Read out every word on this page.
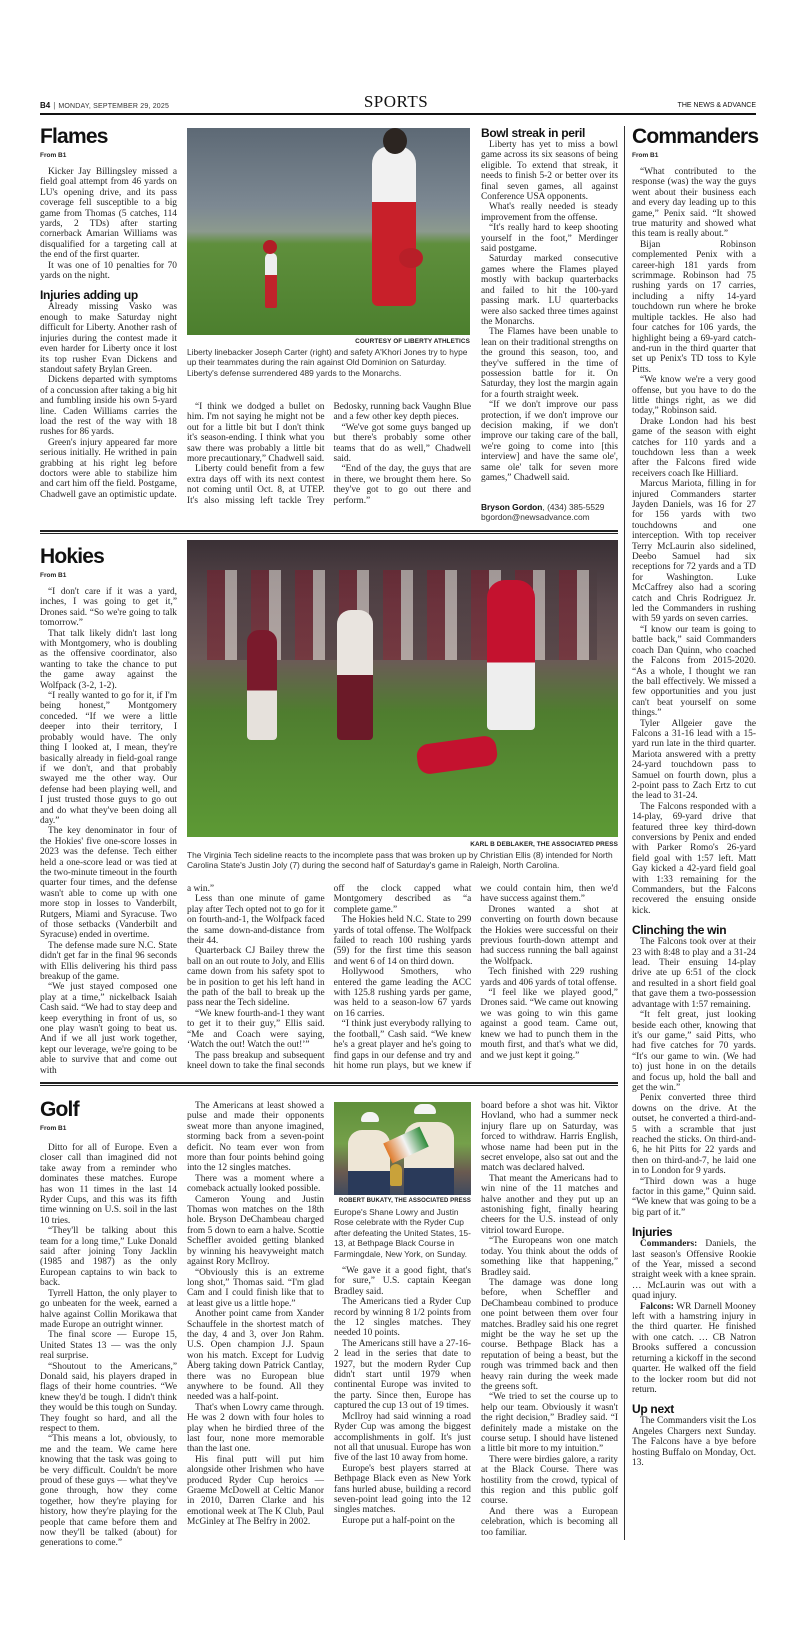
B4 | MONDAY, SEPTEMBER 29, 2025	SPORTS	THE NEWS & ADVANCE
Flames
From B1

Kicker Jay Billingsley missed a field goal attempt from 46 yards on LU's opening drive, and its pass coverage fell susceptible to a big game from Thomas (5 catches, 114 yards, 2 TDs) after starting cornerback Amarian Williams was disqualified for a targeting call at the end of the first quarter.

It was one of 10 penalties for 70 yards on the night.

Injuries adding up

Already missing Vasko was enough to make Saturday night difficult for Liberty. Another rash of injuries during the contest made it even harder for Liberty once it lost its top rusher Evan Dickens and standout safety Brylan Green.

Dickens departed with symptoms of a concussion after taking a big hit and fumbling inside his own 5-yard line. Caden Williams carries the load the rest of the way with 18 rushes for 86 yards.

Green's injury appeared far more serious initially. He writhed in pain grabbing at his right leg before doctors were able to stabilize him and cart him off the field. Postgame, Chadwell gave an optimistic update.

COURTESY OF LIBERTY ATHLETICS
Liberty linebacker Joseph Carter (right) and safety A'Khori Jones try to hype up their teammates during the rain against Old Dominion on Saturday. Liberty's defense surrendered 489 yards to the Monarchs.

“I think we dodged a bullet on him. I'm not saying he might not be out for a little bit but I don't think it's season-ending. I think what you saw there was probably a little bit more precautionary,” Chadwell said.

Liberty could benefit from a few extra days off with its next contest not coming until Oct. 8, at UTEP. It's also missing left tackle Trey Bedosky, running back Vaughn Blue and a few other key depth pieces.

“We've got some guys banged up but there's probably some other teams that do as well,” Chadwell said.

“End of the day, the guys that are in there, we brought them here. So they've got to go out there and perform.”

Bowl streak in peril

Liberty has yet to miss a bowl game across its six seasons of being eligible. To extend that streak, it needs to finish 5-2 or better over its final seven games, all against Conference USA opponents.

What's really needed is steady improvement from the offense.

“It's really hard to keep shooting yourself in the foot,” Merdinger said postgame.

Saturday marked consecutive games where the Flames played mostly with backup quarterbacks and failed to hit the 100-yard passing mark. LU quarterbacks were also sacked three times against the Monarchs.

The Flames have been unable to lean on their traditional strengths on the ground this season, too, and they've suffered in the time of possession battle for it. On Saturday, they lost the margin again for a fourth straight week.

“If we don't improve our pass protection, if we don't improve our decision making, if we don't improve our taking care of the ball, we're going to come into [this interview] and have the same ole', same ole' talk for seven more games,” Chadwell said.

Bryson Gordon, (434) 385-5529
bgordon@newsadvance.com
Commanders
From B1

“What contributed to the response (was) the way the guys went about their business each and every day leading up to this game,” Penix said. “It showed true maturity and showed what this team is really about.”

Bijan Robinson complemented Penix with a career-high 181 yards from scrimmage. Robinson had 75 rushing yards on 17 carries, including a nifty 14-yard touchdown run where he broke multiple tackles. He also had four catches for 106 yards, the highlight being a 69-yard catch-and-run in the third quarter that set up Penix's TD toss to Kyle Pitts.

“We know we're a very good offense, but you have to do the little things right, as we did today,” Robinson said.

Drake London had his best game of the season with eight catches for 110 yards and a touchdown less than a week after the Falcons fired wide receivers coach Ike Hilliard.

Marcus Mariota, filling in for injured Commanders starter Jayden Daniels, was 16 for 27 for 156 yards with two touchdowns and one interception. With top receiver Terry McLaurin also sidelined, Deebo Samuel had six receptions for 72 yards and a TD for Washington. Luke McCaffrey also had a scoring catch and Chris Rodriguez Jr. led the Commanders in rushing with 59 yards on seven carries.

“I know our team is going to battle back,” said Commanders coach Dan Quinn, who coached the Falcons from 2015-2020. “As a whole, I thought we ran the ball effectively. We missed a few opportunities and you just can't beat yourself on some things.”

Tyler Allgeier gave the Falcons a 31-16 lead with a 15-yard run late in the third quarter. Mariota answered with a pretty 24-yard touchdown pass to Samuel on fourth down, plus a 2-point pass to Zach Ertz to cut the lead to 31-24.

The Falcons responded with a 14-play, 69-yard drive that featured three key third-down conversions by Penix and ended with Parker Romo's 26-yard field goal with 1:57 left. Matt Gay kicked a 42-yard field goal with 1:33 remaining for the Commanders, but the Falcons recovered the ensuing onside kick.

Clinching the win

The Falcons took over at their 23 with 8:48 to play and a 31-24 lead. Their ensuing 14-play drive ate up 6:51 of the clock and resulted in a short field goal that gave them a two-possession advantage with 1:57 remaining.

“It felt great, just looking beside each other, knowing that it's our game,” said Pitts, who had five catches for 70 yards. “It's our game to win. (We had to) just hone in on the details and focus up, hold the ball and get the win.”

Penix converted three third downs on the drive. At the outset, he converted a third-and-5 with a scramble that just reached the sticks. On third-and-6, he hit Pitts for 22 yards and then on third-and-7, he laid one in to London for 9 yards.

“Third down was a huge factor in this game,” Quinn said. “We knew that was going to be a big part of it.”

Injuries

Commanders: Daniels, the last season's Offensive Rookie of the Year, missed a second straight week with a knee sprain. … McLaurin was out with a quad injury.

Falcons: WR Darnell Mooney left with a hamstring injury in the third quarter. He finished with one catch. … CB Natron Brooks suffered a concussion returning a kickoff in the second quarter. He walked off the field to the locker room but did not return.

Up next

The Commanders visit the Los Angeles Chargers next Sunday. The Falcons have a bye before hosting Buffalo on Monday, Oct. 13.

Hokies
From B1

“I don't care if it was a yard, inches, I was going to get it,” Drones said. “So we're going to talk tomorrow.”

That talk likely didn't last long with Montgomery, who is doubling as the offensive coordinator, also wanting to take the chance to put the game away against the Wolfpack (3-2, 1-2).

“I really wanted to go for it, if I'm being honest,” Montgomery conceded. “If we were a little deeper into their territory, I probably would have. The only thing I looked at, I mean, they're basically already in field-goal range if we don't, and that probably swayed me the other way. Our defense had been playing well, and I just trusted those guys to go out and do what they've been doing all day.”

The key denominator in four of the Hokies' five one-score losses in 2023 was the defense. Tech either held a one-score lead or was tied at the two-minute timeout in the fourth quarter four times, and the defense wasn't able to come up with one more stop in losses to Vanderbilt, Rutgers, Miami and Syracuse. Two of those setbacks (Vanderbilt and Syracuse) ended in overtime.

The defense made sure N.C. State didn't get far in the final 96 seconds with Ellis delivering his third pass breakup of the game.

“We just stayed composed one play at a time,” nickelback Isaiah Cash said. “We had to stay deep and keep everything in front of us, so one play wasn't going to beat us. And if we all just work together, kept our leverage, we're going to be able to survive that and come out with

KARL B DEBLAKER, THE ASSOCIATED PRESS
The Virginia Tech sideline reacts to the incomplete pass that was broken up by Christian Ellis (8) intended for North Carolina State's Justin Joly (7) during the second half of Saturday's game in Raleigh, North Carolina.

a win.”

Less than one minute of game play after Tech opted not to go for it on fourth-and-1, the Wolfpack faced the same down-and-distance from their 44.

Quarterback CJ Bailey threw the ball on an out route to Joly, and Ellis came down from his safety spot to be in position to get his left hand in the path of the ball to break up the pass near the Tech sideline.

“We knew fourth-and-1 they want to get it to their guy,” Ellis said. “Me and Coach were saying, ‘Watch the out! Watch the out!’”

The pass breakup and subsequent kneel down to take the final seconds off the clock capped what Montgomery described as “a complete game.”

The Hokies held N.C. State to 299 yards of total offense. The Wolfpack failed to reach 100 rushing yards (59) for the first time this season and went 6 of 14 on third down.

Hollywood Smothers, who entered the game leading the ACC with 125.8 rushing yards per game, was held to a season-low 67 yards on 16 carries.

“I think just everybody rallying to the football,” Cash said. “We knew he's a great player and he's going to find gaps in our defense and try and hit home run plays, but we knew if we could contain him, then we'd have success against them.”

Drones wanted a shot at converting on fourth down because the Hokies were successful on their previous fourth-down attempt and had success running the ball against the Wolfpack.

Tech finished with 229 rushing yards and 406 yards of total offense.

“I feel like we played good,” Drones said. “We came out knowing we was going to win this game against a good team. Came out, knew we had to punch them in the mouth first, and that's what we did, and we just kept it going.”

Golf
From B1

Ditto for all of Europe. Even a closer call than imagined did not take away from a reminder who dominates these matches. Europe has won 11 times in the last 14 Ryder Cups, and this was its fifth time winning on U.S. soil in the last 10 tries.

“They'll be talking about this team for a long time,” Luke Donald said after joining Tony Jacklin (1985 and 1987) as the only European captains to win back to back.

Tyrrell Hatton, the only player to go unbeaten for the week, earned a halve against Collin Morikawa that made Europe an outright winner.

The final score — Europe 15, United States 13 — was the only real surprise.

“Shoutout to the Americans,” Donald said, his players draped in flags of their home countries. “We knew they'd be tough. I didn't think they would be this tough on Sunday. They fought so hard, and all the respect to them.

“This means a lot, obviously, to me and the team. We came here knowing that the task was going to be very difficult. Couldn't be more proud of these guys — what they've gone through, how they come together, how they're playing for history, how they're playing for the people that came before them and now they'll be talked (about) for generations to come.”

The Americans at least showed a pulse and made their opponents sweat more than anyone imagined, storming back from a seven-point deficit. No team ever won from more than four points behind going into the 12 singles matches.

There was a moment where a comeback actually looked possible.

Cameron Young and Justin Thomas won matches on the 18th hole. Bryson DeChambeau charged from 5 down to earn a halve. Scottie Scheffler avoided getting blanked by winning his heavyweight match against Rory McIlroy.

“Obviously this is an extreme long shot,” Thomas said. “I'm glad Cam and I could finish like that to at least give us a little hope.”

Another point came from Xander Schauffele in the shortest match of the day, 4 and 3, over Jon Rahm. U.S. Open champion J.J. Spaun won his match. Except for Ludvig Åberg taking down Patrick Cantlay, there was no European blue anywhere to be found. All they needed was a half-point.

That's when Lowry came through. He was 2 down with four holes to play when he birdied three of the last four, none more memorable than the last one.

His final putt will put him alongside other Irishmen who have produced Ryder Cup heroics — Graeme McDowell at Celtic Manor in 2010, Darren Clarke and his emotional week at The K Club, Paul McGinley at The Belfry in 2002.

ROBERT BUKATY, THE ASSOCIATED PRESS
Europe's Shane Lowry and Justin Rose celebrate with the Ryder Cup after defeating the United States, 15-13, at Bethpage Black Course in Farmingdale, New York, on Sunday.

“We gave it a good fight, that's for sure,” U.S. captain Keegan Bradley said.

The Americans tied a Ryder Cup record by winning 8 1/2 points from the 12 singles matches. They needed 10 points.

The Americans still have a 27-16-2 lead in the series that date to 1927, but the modern Ryder Cup didn't start until 1979 when continental Europe was invited to the party. Since then, Europe has captured the cup 13 out of 19 times.

McIlroy had said winning a road Ryder Cup was among the biggest accomplishments in golf. It's just not all that unusual. Europe has won five of the last 10 away from home.

Europe's best players starred at Bethpage Black even as New York fans hurled abuse, building a record seven-point lead going into the 12 singles matches.

Europe put a half-point on the

board before a shot was hit. Viktor Hovland, who had a summer neck injury flare up on Saturday, was forced to withdraw. Harris English, whose name had been put in the secret envelope, also sat out and the match was declared halved.

That meant the Americans had to win nine of the 11 matches and halve another and they put up an astonishing fight, finally hearing cheers for the U.S. instead of only vitriol toward Europe.

“The Europeans won one match today. You think about the odds of something like that happening,” Bradley said.

The damage was done long before, when Scheffler and DeChambeau combined to produce one point between them over four matches. Bradley said his one regret might be the way he set up the course. Bethpage Black has a reputation of being a beast, but the rough was trimmed back and then heavy rain during the week made the greens soft.

“We tried to set the course up to help our team. Obviously it wasn't the right decision,” Bradley said. “I definitely made a mistake on the course setup. I should have listened a little bit more to my intuition.”

There were birdies galore, a rarity at the Black Course. There was hostility from the crowd, typical of this region and this public golf course.

And there was a European celebration, which is becoming all too familiar.
